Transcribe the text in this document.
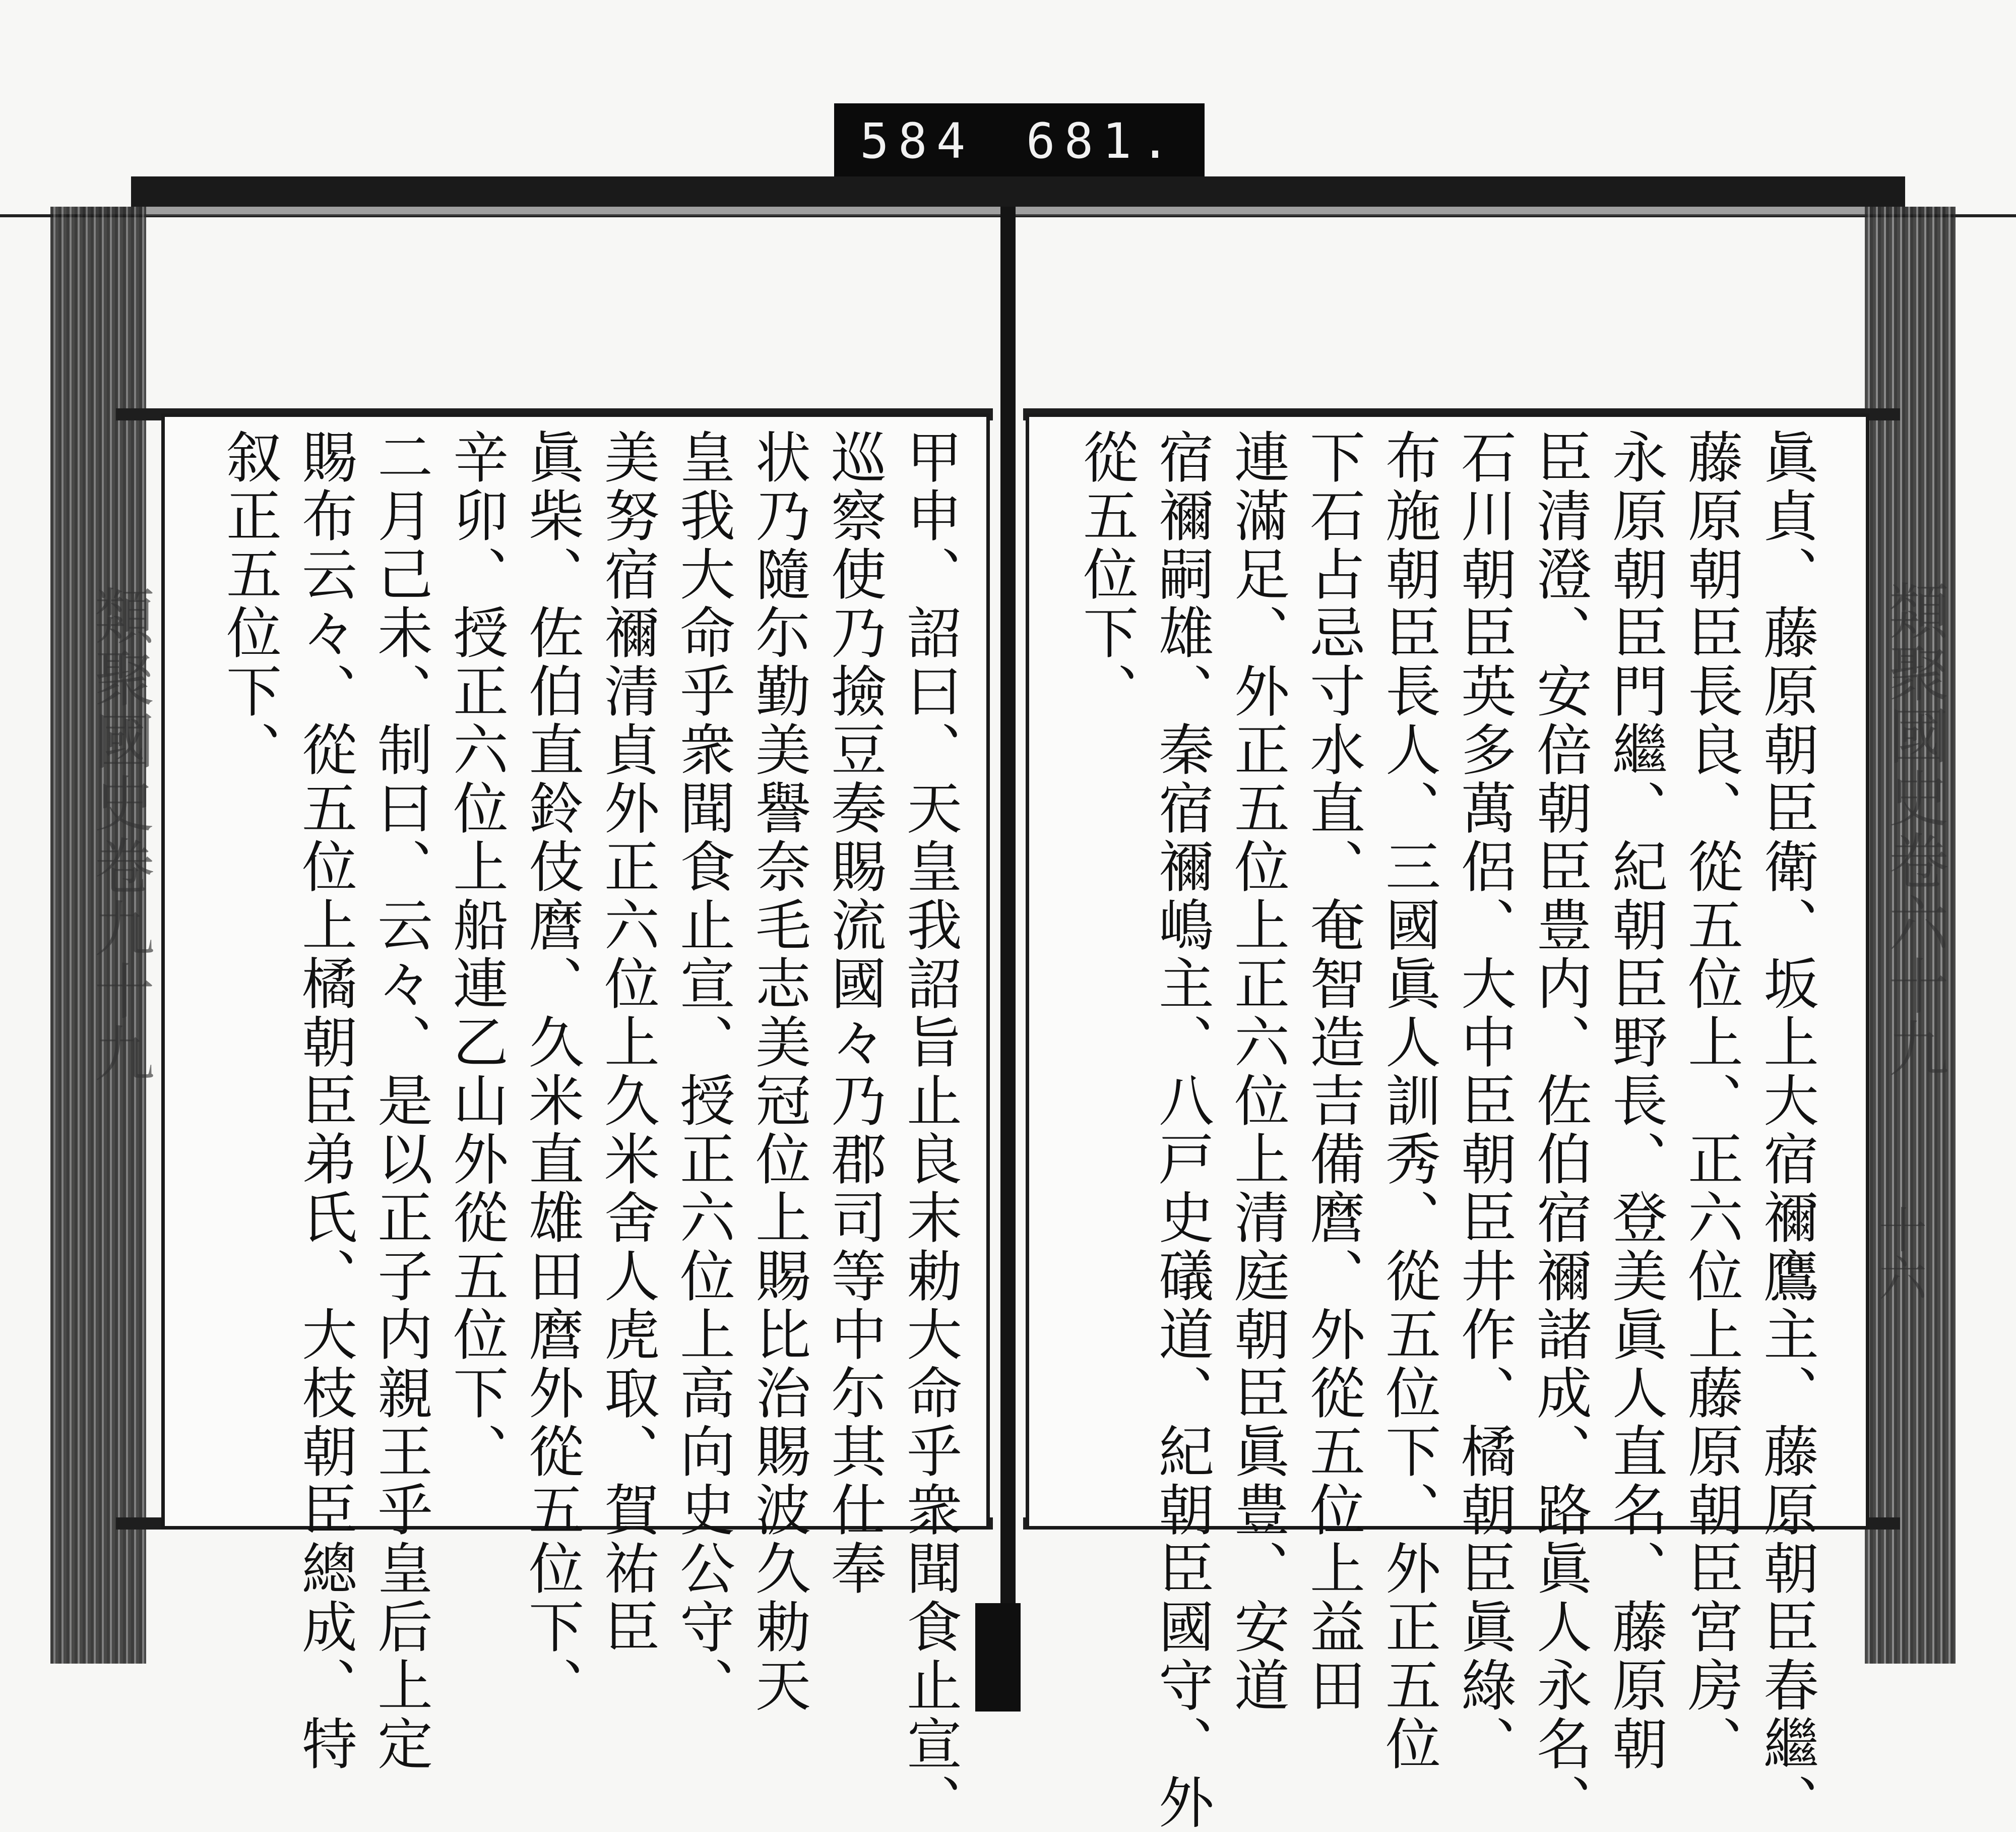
584 681.
類聚國史卷六十九
十六
類聚國史卷九十九	眞貞、藤原朝臣衛、坂上大宿禰鷹主、藤原朝臣春繼、
藤原朝臣長良、從五位上、正六位上藤原朝臣宮房、
永原朝臣門繼、紀朝臣野長、登美眞人直名、藤原朝
臣清澄、安倍朝臣豊内、佐伯宿禰諸成、路眞人永名、
石川朝臣英多萬侶、大中臣朝臣井作、橘朝臣眞綠、
布施朝臣長人、三國眞人訓秀、從五位下、外正五位
下石占忌寸水直、奄智造吉備麿、外從五位上益田
連滿足、外正五位上正六位上清庭朝臣眞豊、安道
宿禰嗣雄、秦宿禰嶋主、八戸史礒道、紀朝臣國守、外
從五位下、
甲申、詔曰、天皇我詔旨止良末勅大命乎衆聞食止宣、
巡察使乃撿豆奏賜流國々乃郡司等中尓其仕奉
状乃隨尓勤美譽奈毛志美冠位上賜比治賜波久勅天
皇我大命乎衆聞食止宣、授正六位上高向史公守、
美努宿禰清貞外正六位上久米舍人虎取、賀祐臣
眞柴、佐伯直鈴伎麿、久米直雄田麿外從五位下、
辛卯、授正六位上船連乙山外從五位下、
二月己未、制曰、云々、是以正子内親王乎皇后上定
賜布云々、從五位上橘朝臣弟氏、大枝朝臣總成、特
叙正五位下、
